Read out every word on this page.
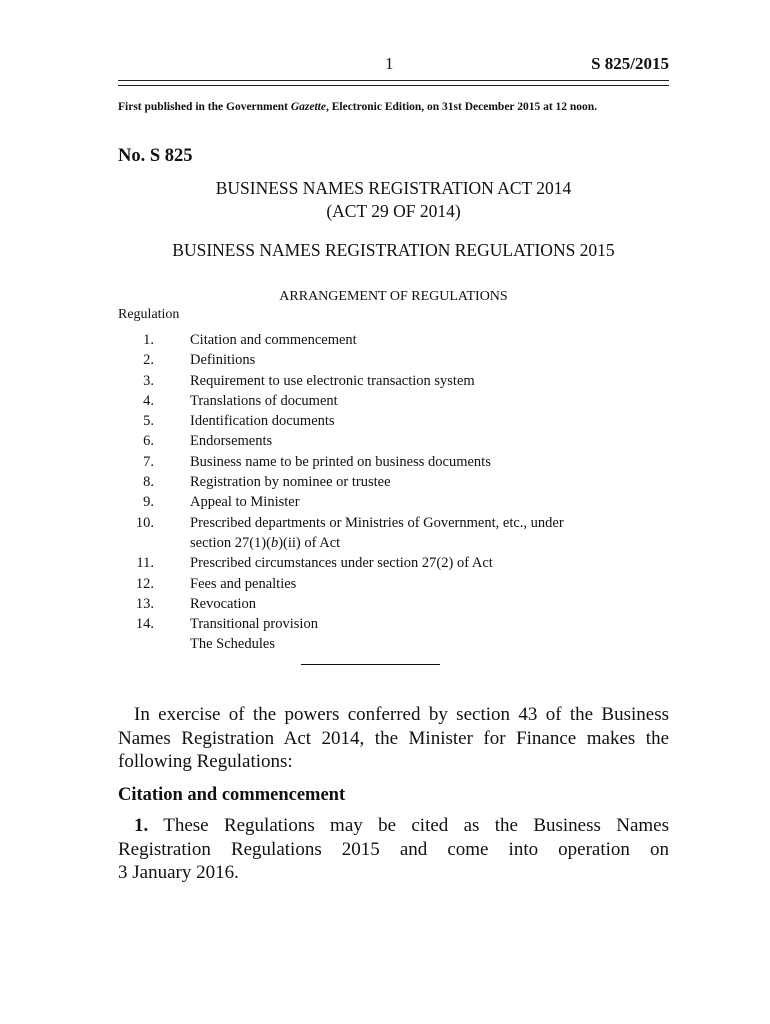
1	S 825/2015
First published in the Government Gazette, Electronic Edition, on 31st December 2015 at 12 noon.
No. S 825
BUSINESS NAMES REGISTRATION ACT 2014
(ACT 29 OF 2014)
BUSINESS NAMES REGISTRATION REGULATIONS 2015
ARRANGEMENT OF REGULATIONS
Regulation
1. Citation and commencement
2. Definitions
3. Requirement to use electronic transaction system
4. Translations of document
5. Identification documents
6. Endorsements
7. Business name to be printed on business documents
8. Registration by nominee or trustee
9. Appeal to Minister
10. Prescribed departments or Ministries of Government, etc., under
section 27(1)(b)(ii) of Act
11. Prescribed circumstances under section 27(2) of Act
12. Fees and penalties
13. Revocation
14. Transitional provision
The Schedules
In exercise of the powers conferred by section 43 of the Business
Names Registration Act 2014, the Minister for Finance makes the
following Regulations:
Citation and commencement
1. These Regulations may be cited as the Business Names
Registration Regulations 2015 and come into operation on
3 January 2016.
